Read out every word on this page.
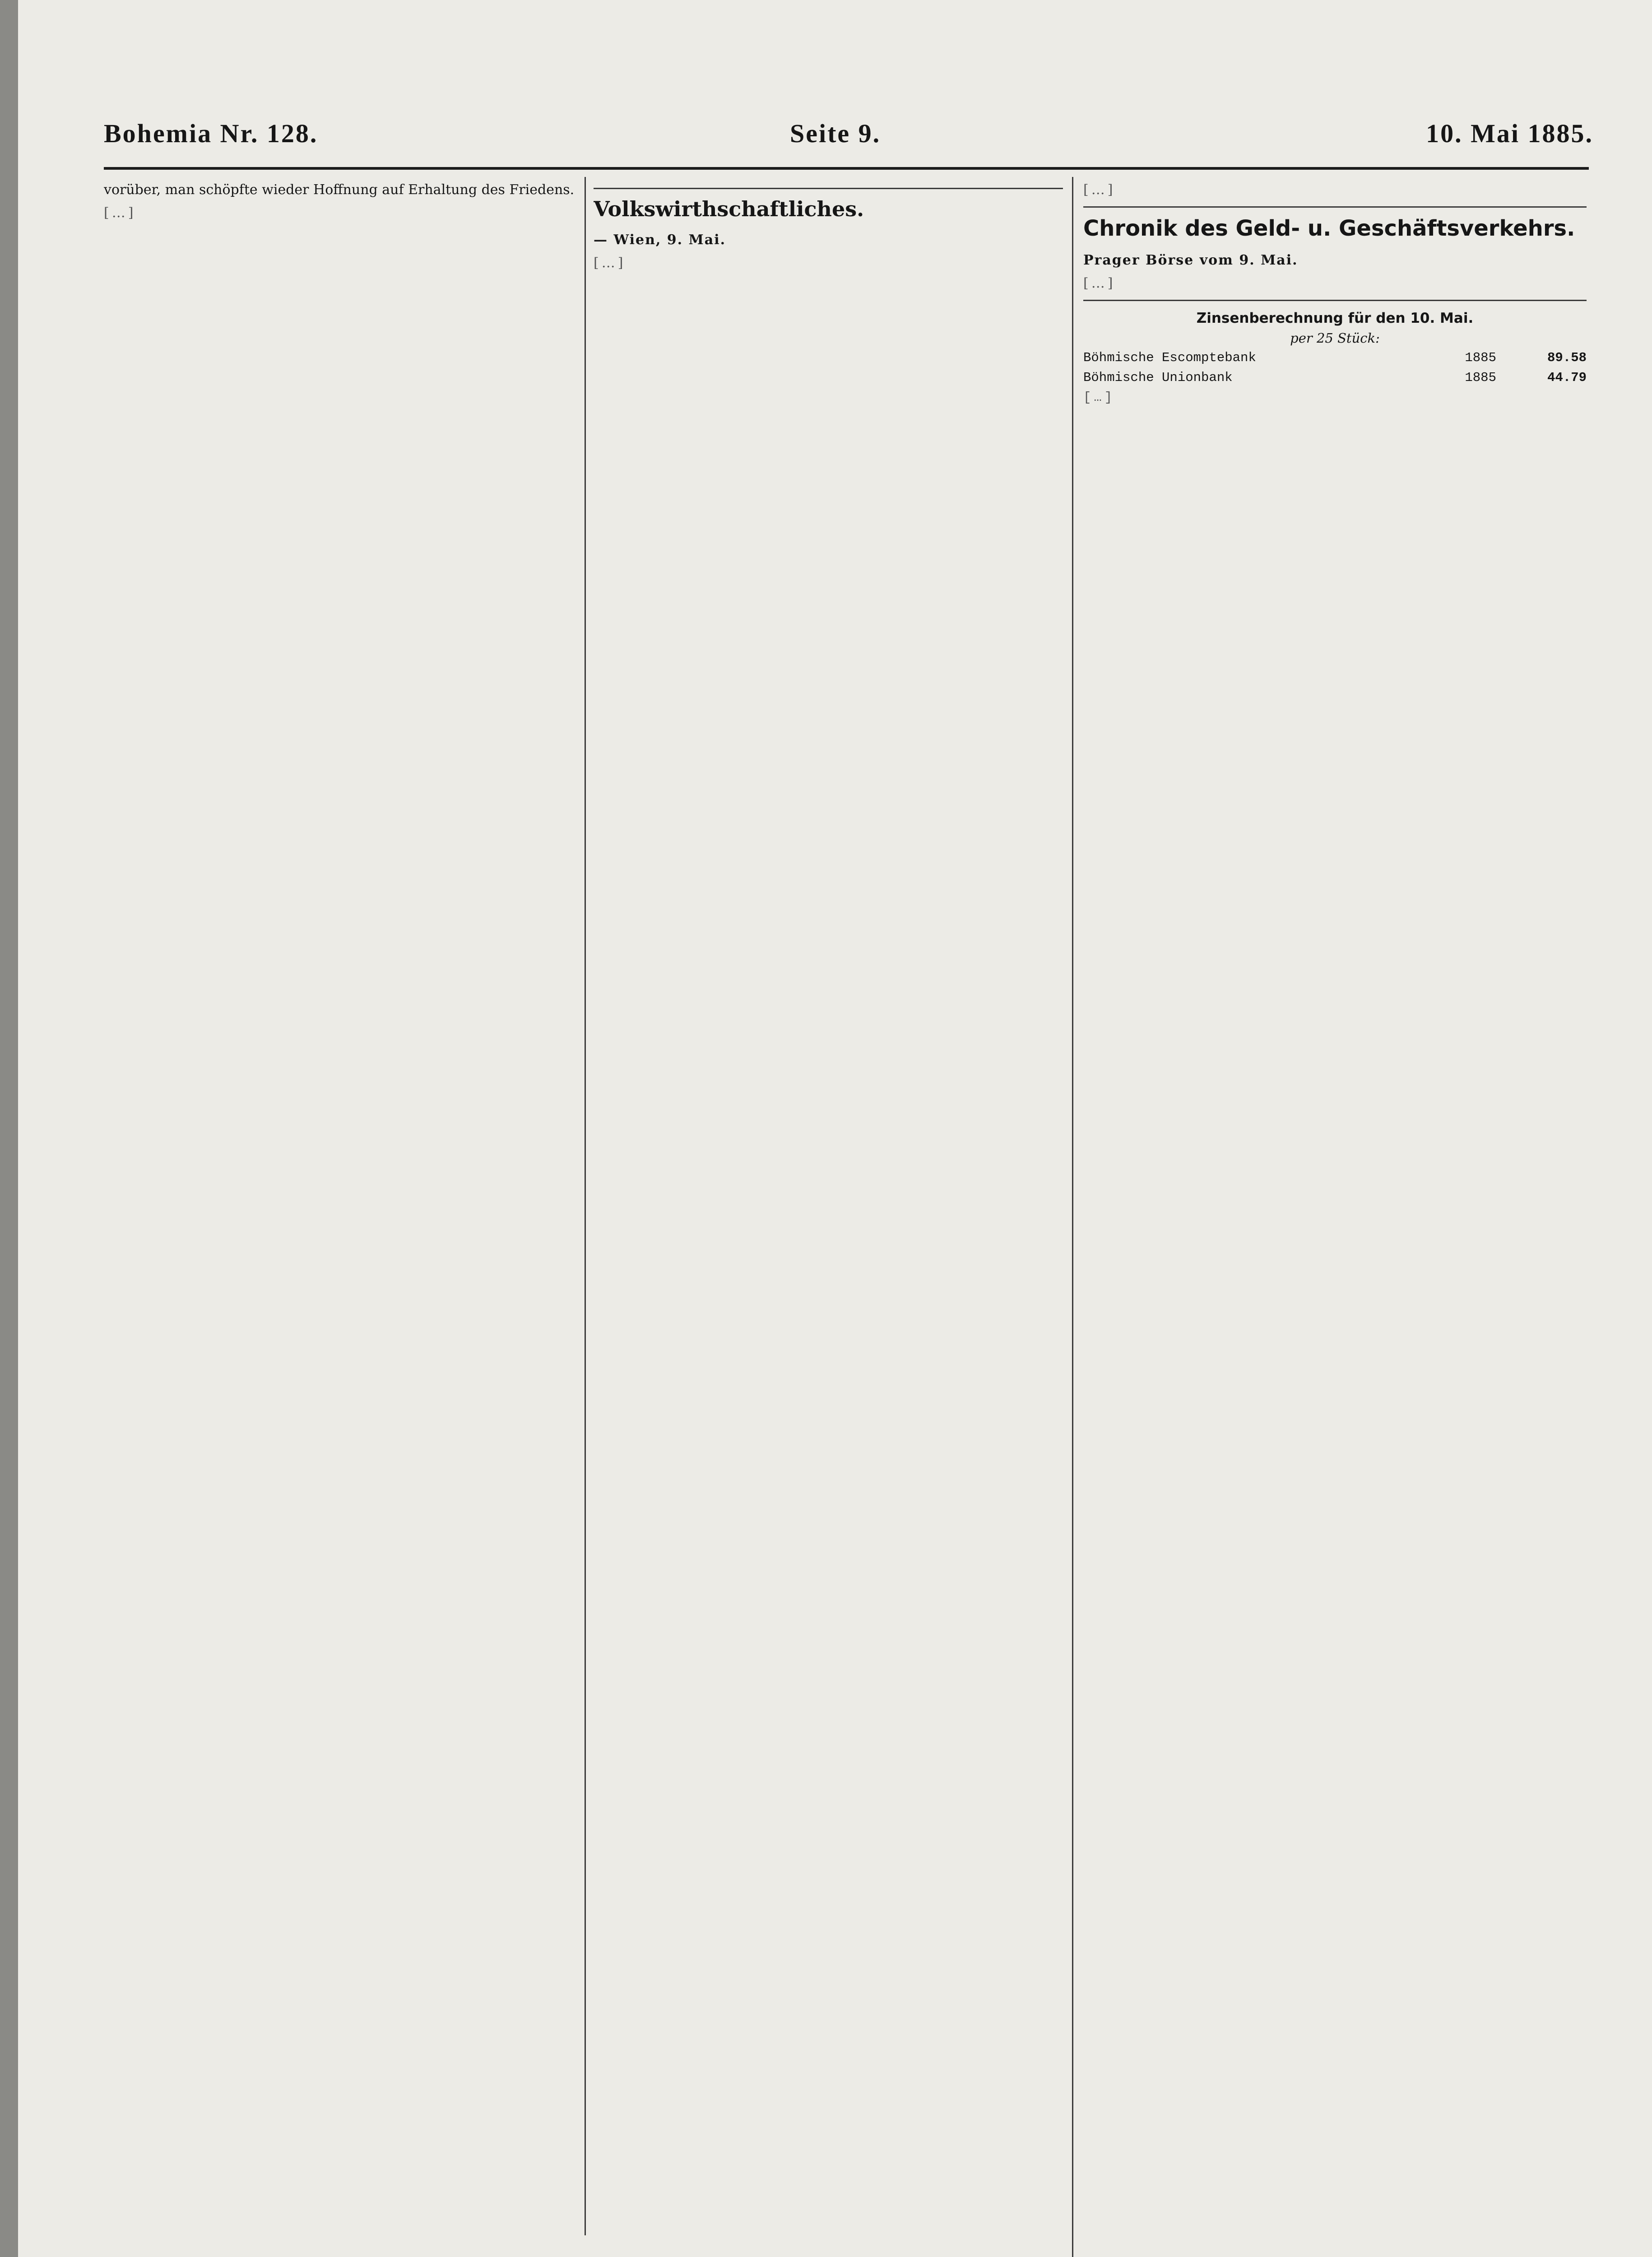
Bohemia Nr. 128.	Seite 9.	10. Mai 1885.

vorüber, man schöpfte wieder Hoffnung auf Erhaltung des Friedens.

[…]	Volkswirthschaftliches.

— Wien, 9. Mai.

[…]

[…]

Chronik des Geld- u. Geschäftsverkehrs.

Prager Börse vom 9. Mai.

[…]

Zinsenberechnung für den 10. Mai.
per 25 Stück:
Böhmische Escomptebank	1885	89.58
Böhmische Unionbank	1885	44.79

[…]
